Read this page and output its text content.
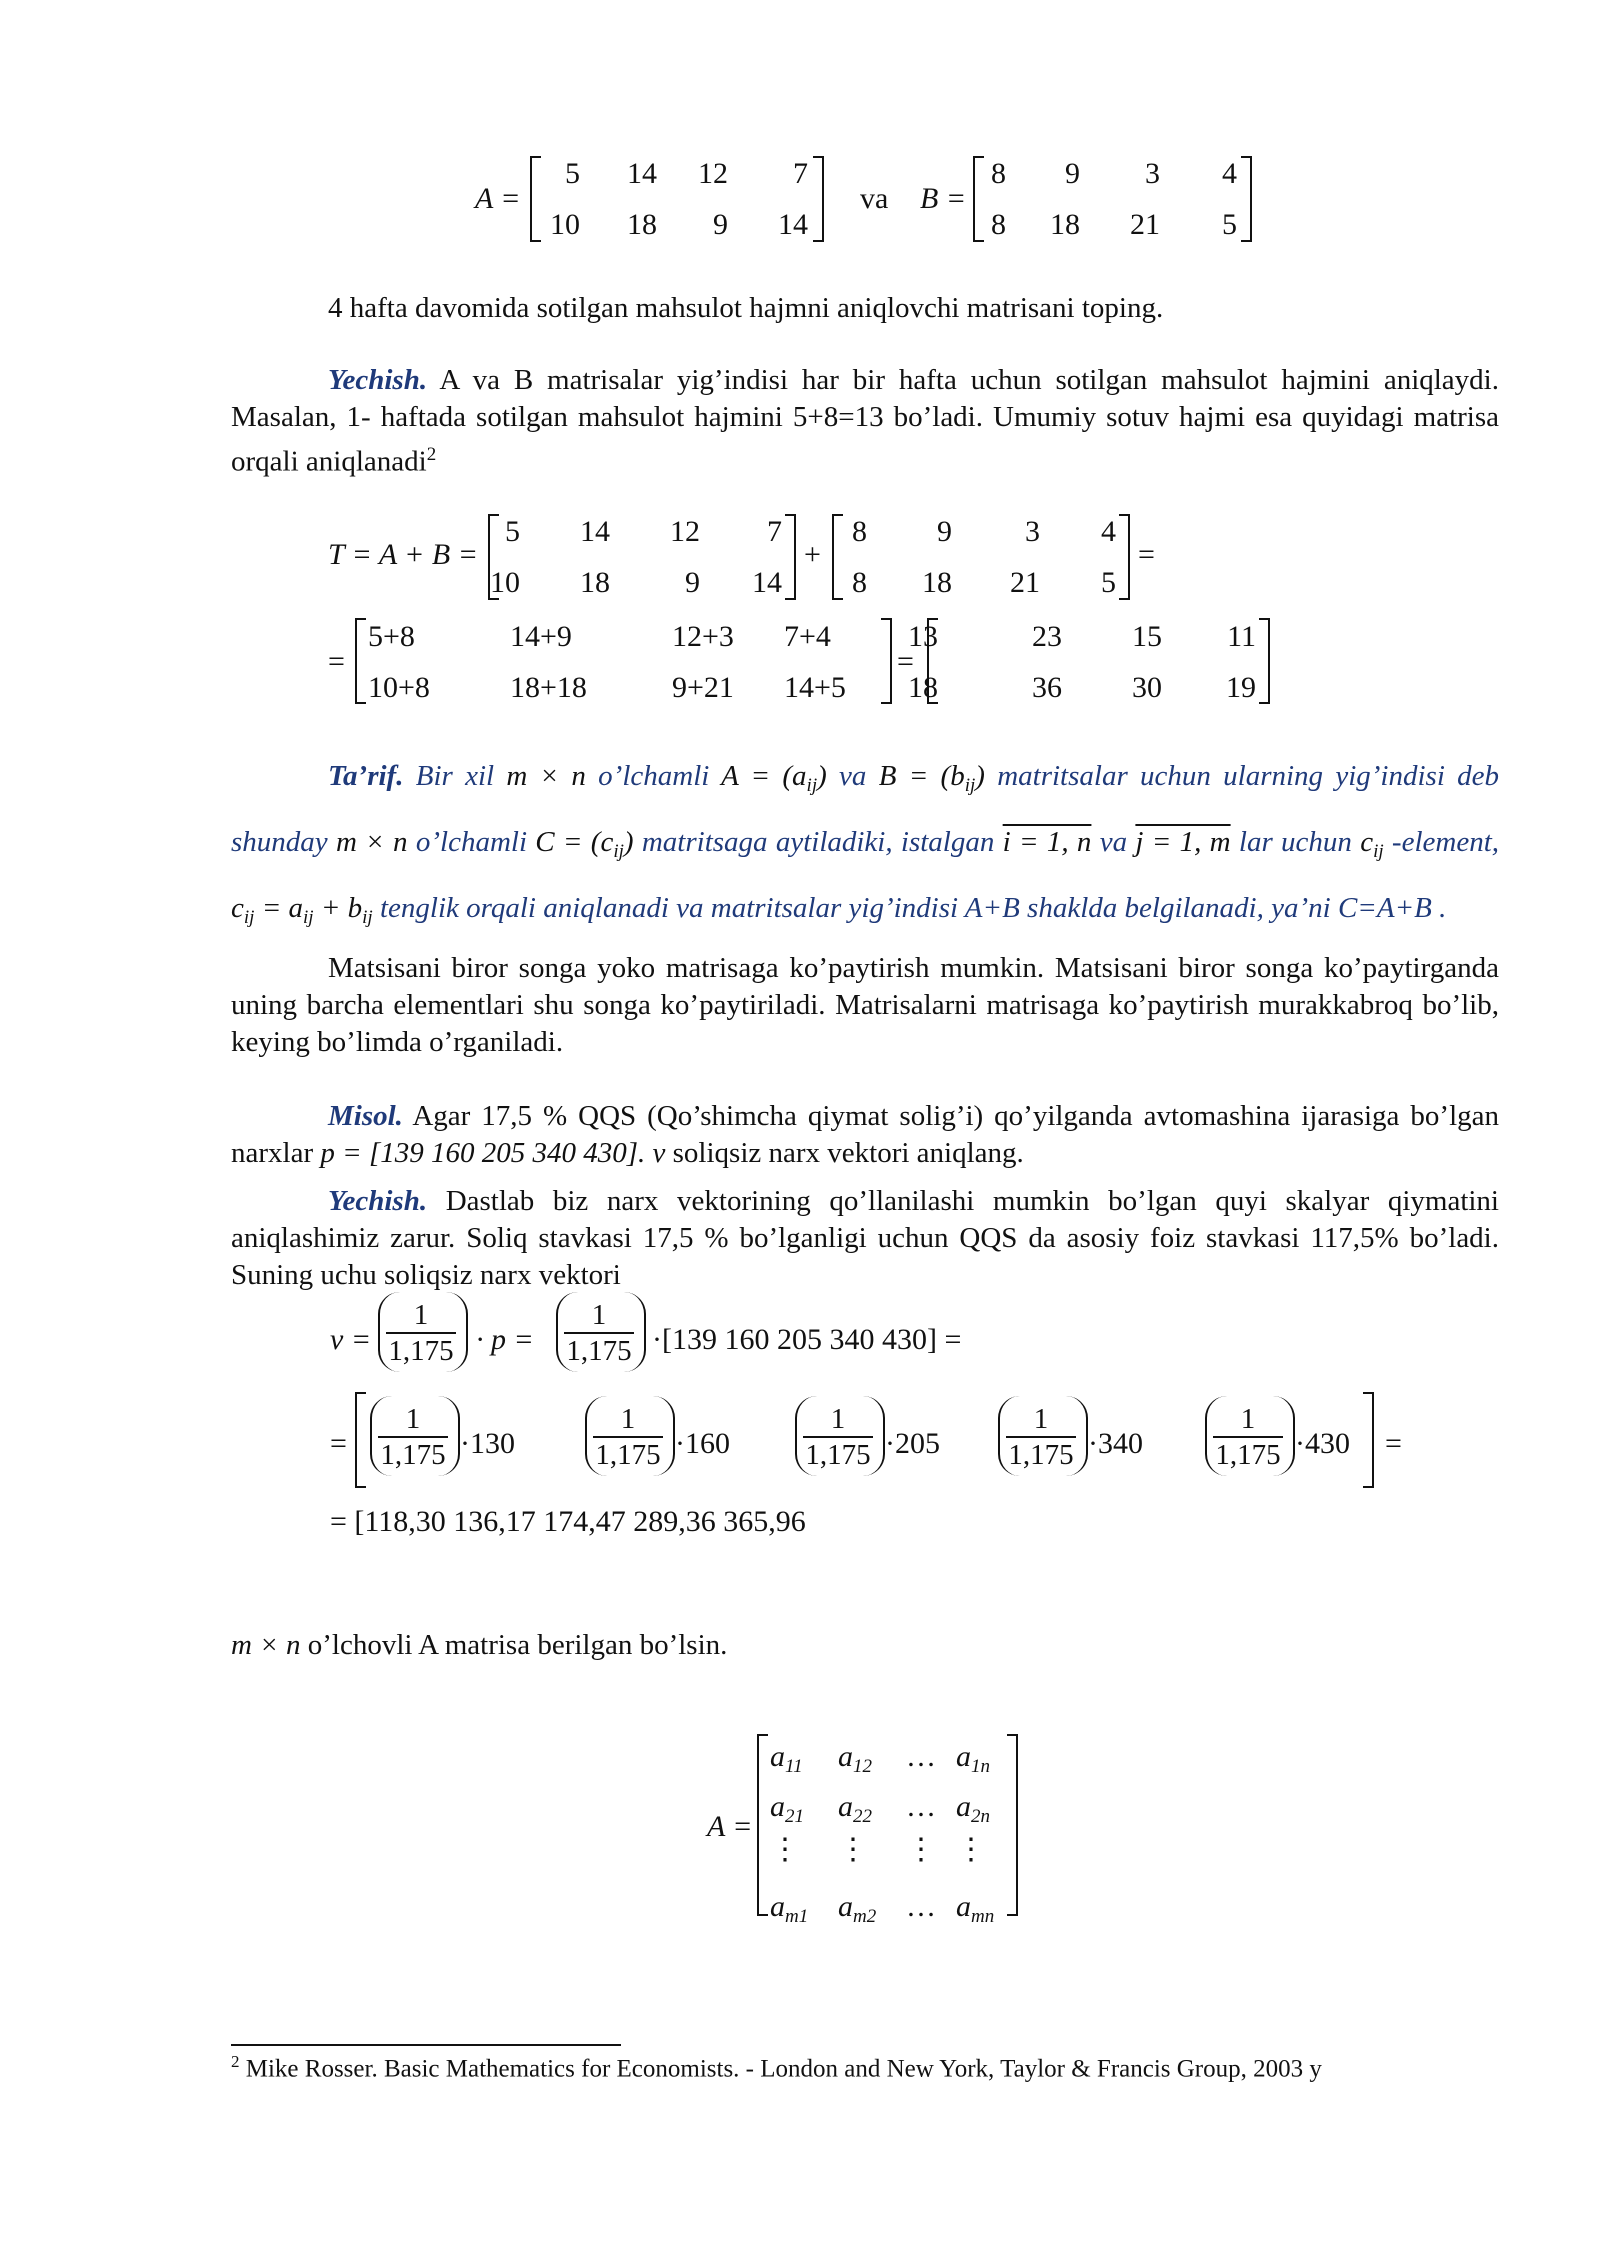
A =
5 14 12 7
10 18 9 14
va B =
8 9 3 4
8 18 21 5
4 hafta davomida sotilgan mahsulot hajmni aniqlovchi matrisani toping.
Yechish. A va B matrisalar yig’indisi har bir hafta uchun sotilgan mahsulot hajmini aniqlaydi. Masalan, 1- haftada sotilgan mahsulot hajmini 5+8=13 bo’ladi. Umumiy sotuv hajmi esa quyidagi matrisa orqali aniqlanadi$^2$
T = A + B =
5 14 12 7
10 18	9 14
+
8 9 3 4
8 18 21 5
=
=
5+8	14+9	12+3 7+4
10+8	18+18	9+21 14+5
=
13	23 15 11
18	36 30 19
Ta’rif. Bir xil m × n o’lchamli $A = (a_{ij})$ va $B = (b_{ij})$ matritsalar uchun ularning yig’indisi deb shunday m × n o’lchamli $C = (c_{ij})$ matritsaga aytiladiki, istalgan i = 1, n va j = 1, m lar uchun $c_{ij}$ -element, $c_{ij} = a_{ij} + b_{ij}$ tenglik orqali aniqlanadi va matritsalar yig’indisi A+B shaklda belgilanadi, ya’ni C=A+B .
Matsisani biror songa yoko matrisaga ko’paytirish mumkin. Matsisani biror songa ko’paytirganda uning barcha elementlari shu songa ko’paytiriladi. Matrisalarni matrisaga ko’paytirish murakkabroq bo’lib, keying bo’limda o’rganiladi.
Misol. Agar 17,5 % QQS (Qo’shimcha qiymat solig’i) qo’yilganda avtomashina ijarasiga bo’lgan narxlar p = [139 160 205 340 430]. v soliqsiz narx vektori aniqlang.
Yechish. Dastlab biz narx vektorining qo’llanilashi mumkin bo’lgan quyi skalyar qiymatini aniqlashimiz zarur. Soliq stavkasi 17,5 % bo’lganligi uchun QQS da asosiy foiz stavkasi 117,5% bo’ladi. Suning uchu soliqsiz narx vektori
$v = \frac{1}{1,175} \cdot p = \frac{1}{1,175} \cdot[139$ 160 205 340 430] =
= $\frac{1}{1,175} \cdot 130$	$\frac{1}{1,175} \cdot 160$	$\frac{1}{1,175} \cdot 205 \frac{1}{1,175} \cdot 340 \frac{1}{1,175} \cdot 430$ =
= [118,30 136,17 174,47 289,36 365,96
m × n o’lchovli A matrisa berilgan bo’lsin.
A =
$a_{11}$ $a_{12}$ … $a_{1n}$
$a_{21}$ $a_{22}$ … $a_{2n}$
⋮ ⋮ ⋮ ⋮
$a_{m1}$ $a_{m2}$ … $a_{mn}$
$^2$ Mike Rosser. Basic Mathematics for Economists. - London and New York, Taylor & Francis Group, 2003 y
